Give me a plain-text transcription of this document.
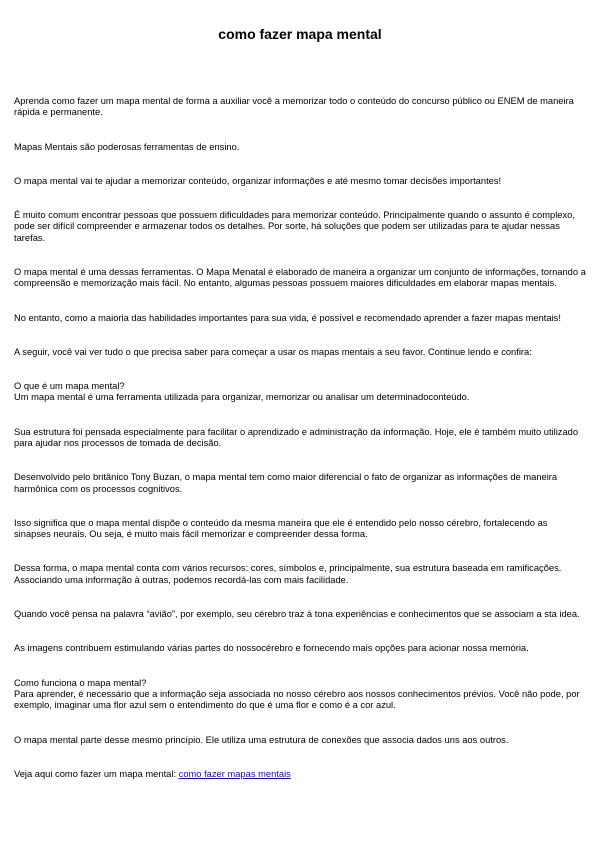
como fazer mapa mental

Aprenda como fazer um mapa mental de forma a auxiliar você a memorizar todo o conteúdo do concurso público ou ENEM de maneira rápida e permanente.

Mapas Mentais são poderosas ferramentas de ensino.

O mapa mental vai te ajudar a memorizar conteúdo, organizar informações e até mesmo tomar decisões importantes!

É muito comum encontrar pessoas que possuem dificuldades para memorizar conteúdo. Principalmente quando o assunto é complexo, pode ser difícil compreender e armazenar todos os detalhes. Por sorte, há soluções que podem ser utilizadas para te ajudar nessas tarefas.

O mapa mental é uma dessas ferramentas. O Mapa Menatal é elaborado de maneira a organizar um conjunto de informações, tornando a compreensão e memorização mais fácil. No entanto, algumas pessoas possuem maiores dificuldades em elaborar mapas mentais.

No entanto, como a maioria das habilidades importantes para sua vida, é possível e recomendado aprender a fazer mapas mentais!

A seguir, você vai ver tudo o que precisa saber para começar a usar os mapas mentais a seu favor. Continue lendo e confira:

O que é um mapa mental?

Um mapa mental é uma ferramenta utilizada para organizar, memorizar ou analisar um determinadoconteúdo.

Sua estrutura foi pensada especialmente para facilitar o aprendizado e administração da informação. Hoje, ele é também muito utilizado para ajudar nos processos de tomada de decisão.

Desenvolvido pelo britânico Tony Buzan, o mapa mental tem como maior diferencial o fato de organizar as informações de maneira harmônica com os processos cognitivos.

Isso significa que o mapa mental dispõe o conteúdo da mesma maneira que ele é entendido pelo nosso cérebro, fortalecendo as sinapses neurais. Ou seja, é muito mais fácil memorizar e compreender dessa forma.

Dessa forma, o mapa mental conta com vários recursos: cores, símbolos e, principalmente, sua estrutura baseada em ramificações. Associando uma informação à outras, podemos recordá-las com mais facilidade.

Quando você pensa na palavra “avião”, por exemplo, seu cérebro traz à tona experiências e conhecimentos que se associam a sta idea.

As imagens contribuem estimulando várias partes do nossocérebro e fornecendo mais opções para acionar nossa memória.

Como funciona o mapa mental?

Para aprender, é necessário que a informação seja associada no nosso cérebro aos nossos conhecimentos prévios. Você não pode, por exemplo, imaginar uma flor azul sem o entendimento do que é uma flor e como é a cor azul.

O mapa mental parte desse mesmo princípio. Ele utiliza uma estrutura de conexões que associa dados uns aos outros.

Veja aqui como fazer um mapa mental: como fazer mapas mentais
